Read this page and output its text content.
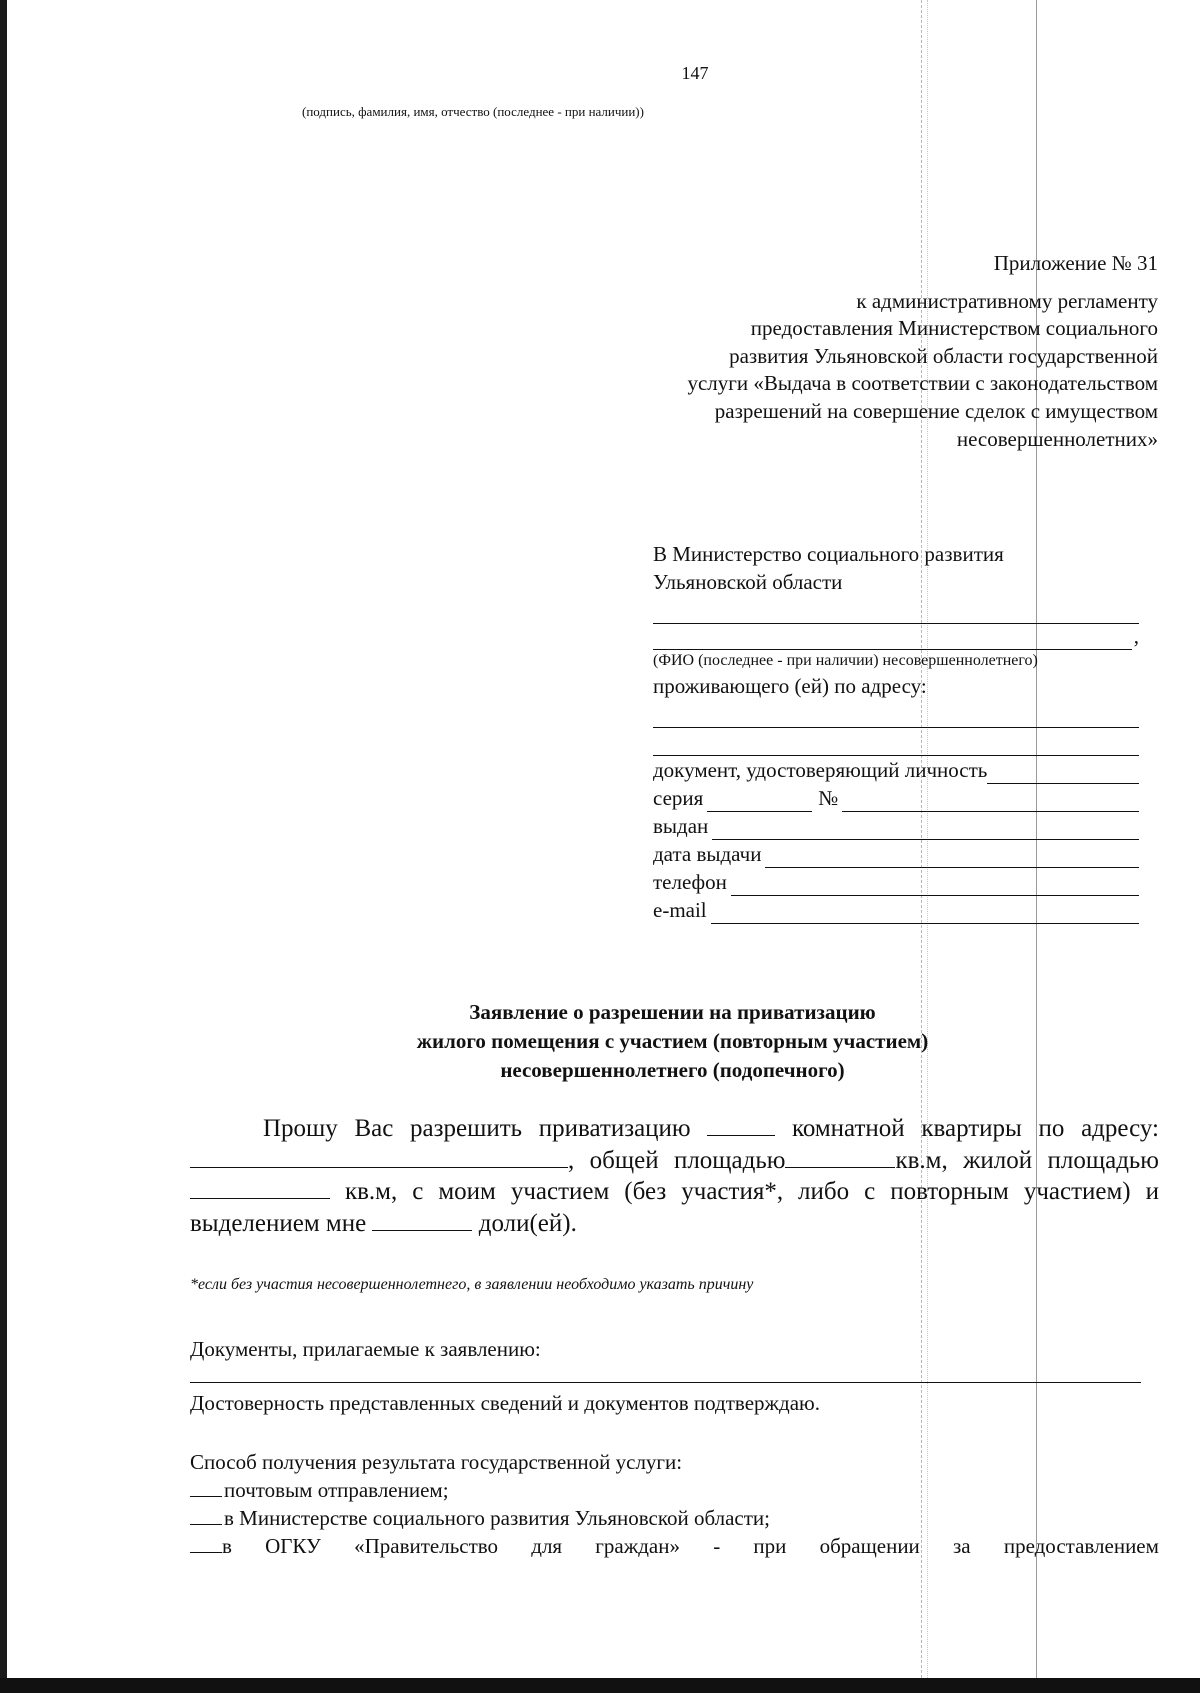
147
(подпись, фамилия, имя, отчество (последнее - при наличии))
Приложение № 31
к административному регламенту
предоставления Министерством социального
развития Ульяновской области государственной
услуги «Выдача в соответствии с законодательством
разрешений на совершение сделок с имуществом
несовершеннолетних»
В Министерство социального развития
Ульяновской области
,
(ФИО (последнее - при наличии) несовершеннолетнего)
проживающего (ей) по адресу:
документ, удостоверяющий личность
серия	№
выдан
дата выдачи
телефон
e-mail
Заявление о разрешении на приватизацию
жилого помещения с участием (повторным участием)
несовершеннолетнего (подопечного)
Прошу Вас разрешить приватизацию	комнатной квартиры по адресу:, общей площадью	кв.м, жилой площадью  кв.м, с моим участием (без участия*, либо с повторным участием) и выделением мне	доли(ей).
*если без участия несовершеннолетнего, в заявлении необходимо указать причину
Документы, прилагаемые к заявлению:
Достоверность представленных сведений и документов подтверждаю.
Способ получения результата государственной услуги:
почтовым отправлением;
в Министерстве социального развития Ульяновской области;
в ОГКУ «Правительство для граждан» - при обращении за предоставлением
